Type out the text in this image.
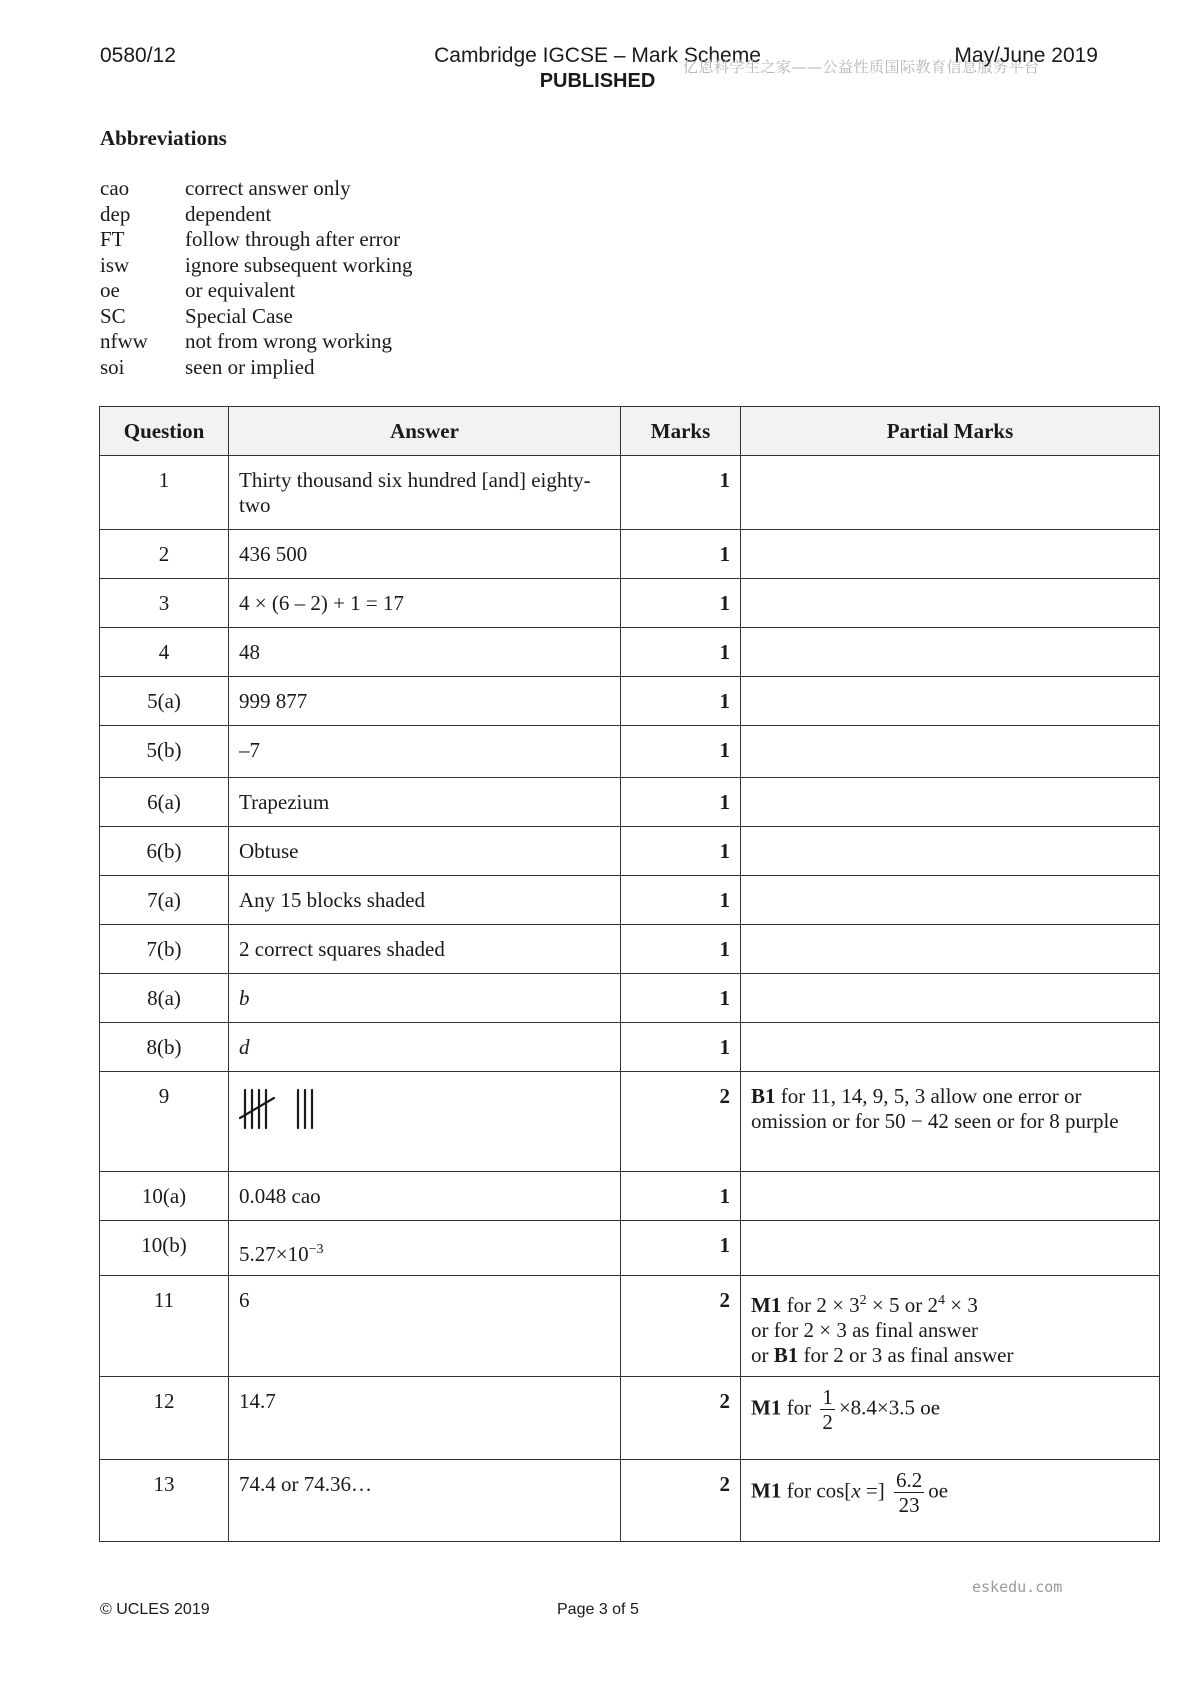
0580/12	Cambridge IGCSE – Mark Scheme
PUBLISHED
亿恩科学生之家——公益性质国际教育信息服务平台
May/June 2019
Abbreviations
cao	correct answer only
dep	dependent
FT	follow through after error
isw	ignore subsequent working
oe	or equivalent
SC	Special Case
nfww	not from wrong working
soi	seen or implied
Question	Answer	Marks	Partial Marks
1	Thirty thousand six hundred [and] eighty-two	1	
2	436 500	1	
3	4 × (6 – 2) + 1 = 17	1	
4	48	1	
5(a)	999 877	1	
5(b)	–7	1	
6(a)	Trapezium	1	
6(b)	Obtuse	1	
7(a)	Any 15 blocks shaded	1	
7(b)	2 correct squares shaded	1	
8(a)	b	1	
8(b)	d	1	
9		2	B1 for 11, 14, 9, 5, 3 allow one error or omission or for 50 − 42 seen or for 8 purple
10(a)	0.048 cao	1	
10(b)	$5.27\times 10^{-3}$	1	
11	6	2	M1 for $2 \times 3^2 \times 5$ or $2^4 \times 3$
or for 2 × 3 as final answer
or B1 for 2 or 3 as final answer

12	14.7	2	M1 for $\frac{1}{2} \times 8.4\times 3.5$ oe
13	74.4 or 74.36…	2	M1 for cos[x =] $\frac{6.2}{23}$ oe
eskedu.com
© UCLES 2019	Page 3 of 5
